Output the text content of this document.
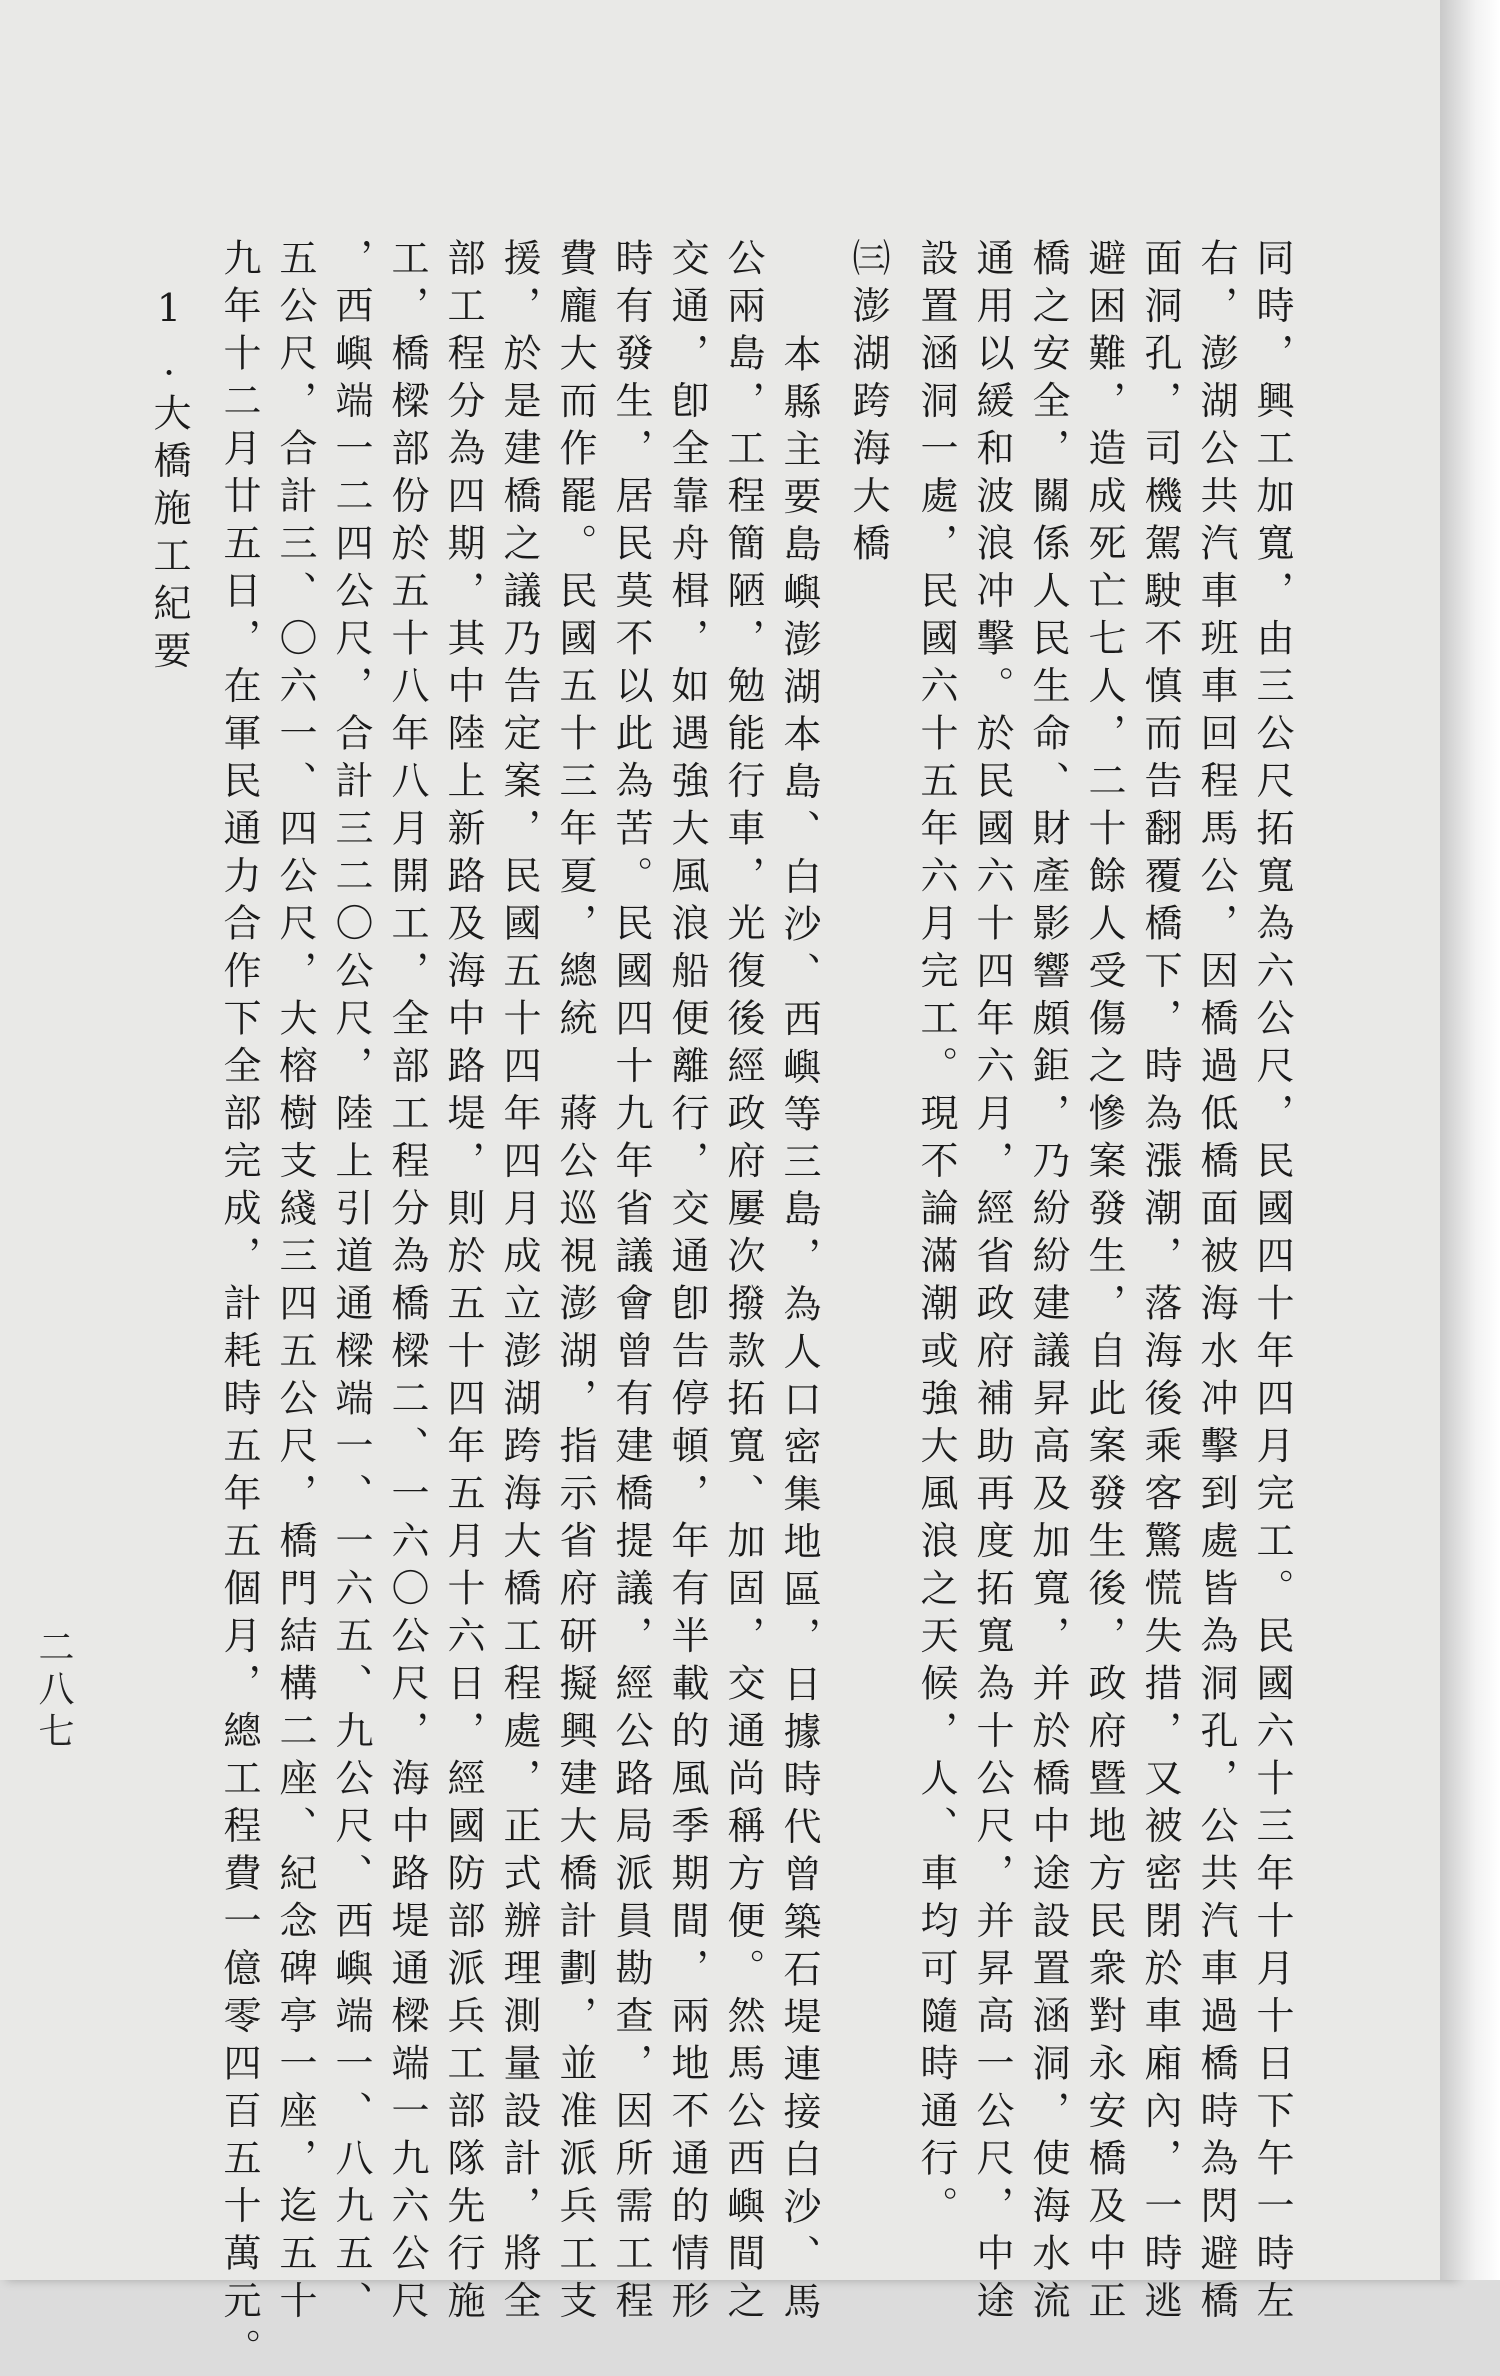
同時，興工加寬，由三公尺拓寬為六公尺，民國四十年四月完工。民國六十三年十月十日下午一時左
右，澎湖公共汽車班車回程馬公，因橋過低橋面被海水冲擊到處皆為洞孔，公共汽車過橋時為閃避橋
面洞孔，司機駕駛不慎而告翻覆橋下，時為漲潮，落海後乘客驚慌失措，又被密閉於車廂內，一時逃
避困難，造成死亡七人，二十餘人受傷之慘案發生，自此案發生後，政府暨地方民衆對永安橋及中正
橋之安全，關係人民生命、財產影響頗鉅，乃紛紛建議昇高及加寬，并於橋中途設置涵洞，使海水流
通用以緩和波浪冲擊。於民國六十四年六月，經省政府補助再度拓寬為十公尺，并昇高一公尺，中途
設置涵洞一處，民國六十五年六月完工。現不論滿潮或強大風浪之天候，人、車均可隨時通行。
㈢澎湖跨海大橋
本縣主要島嶼澎湖本島、白沙、西嶼等三島，為人口密集地區，日據時代曾築石堤連接白沙、馬
公兩島，工程簡陋，勉能行車，光復後經政府屢次撥款拓寬、加固，交通尚稱方便。然馬公西嶼間之
交通，卽全靠舟楫，如遇強大風浪船便離行，交通卽告停頓，年有半載的風季期間，兩地不通的情形
時有發生，居民莫不以此為苦。民國四十九年省議會曾有建橋提議，經公路局派員勘查，因所需工程
費龐大而作罷。民國五十三年夏，總統　蔣公巡視澎湖，指示省府研擬興建大橋計劃，並准派兵工支
援，於是建橋之議乃告定案，民國五十四年四月成立澎湖跨海大橋工程處，正式辦理測量設計，將全
部工程分為四期，其中陸上新路及海中路堤，則於五十四年五月十六日，經國防部派兵工部隊先行施
工，橋樑部份於五十八年八月開工，全部工程分為橋樑二、一六〇公尺，海中路堤通樑端一九六公尺
，西嶼端一二四公尺，合計三二〇公尺，陸上引道通樑端一、一六五、九公尺、西嶼端一、八九五、
五公尺，合計三、〇六一、四公尺，大榕樹支綫三四五公尺，橋門結構二座、紀念碑亭一座，迄五十
九年十二月廿五日，在軍民通力合作下全部完成，計耗時五年五個月，總工程費一億零四百五十萬元。
1.大橋施工紀要
二八七
